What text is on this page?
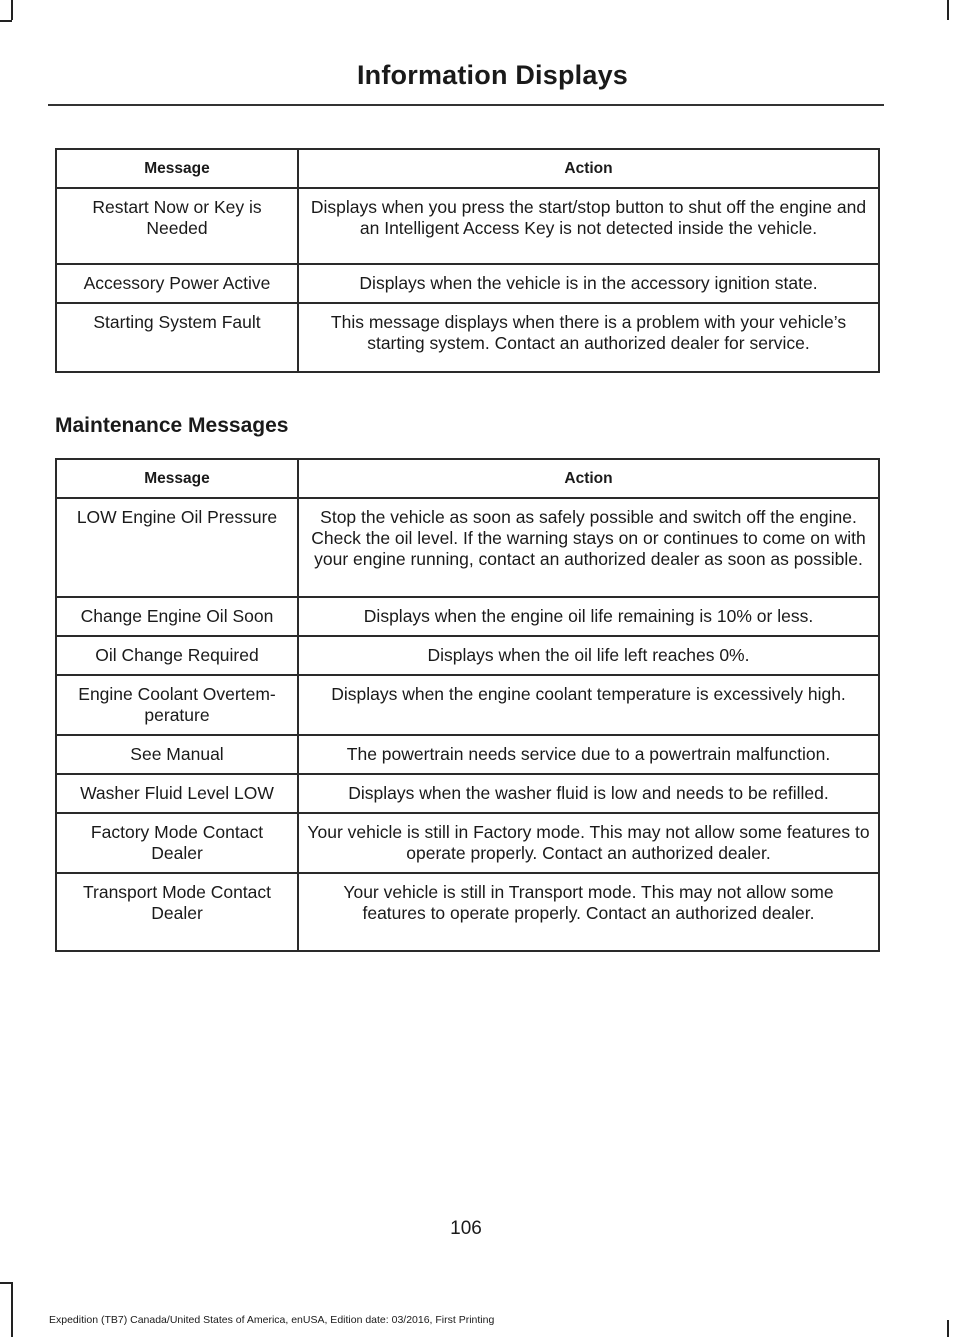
Information Displays
Message	Action
Restart Now or Key is Needed	Displays when you press the start/stop button to shut off the engine and an Intelligent Access Key is not detected inside the vehicle.
Accessory Power Active	Displays when the vehicle is in the accessory ignition state.
Starting System Fault	This message displays when there is a problem with your vehicle’s starting system. Contact an authorized dealer for service.
Maintenance Messages
Message	Action
LOW Engine Oil Pressure	Stop the vehicle as soon as safely possible and switch off the engine. Check the oil level. If the warning stays on or continues to come on with your engine running, contact an authorized dealer as soon as possible.
Change Engine Oil Soon	Displays when the engine oil life remaining is 10% or less.
Oil Change Required	Displays when the oil life left reaches 0%.
Engine Coolant Overtem-perature	Displays when the engine coolant temperature is excessively high.
See Manual	The powertrain needs service due to a powertrain malfunction.
Washer Fluid Level LOW	Displays when the washer fluid is low and needs to be refilled.
Factory Mode Contact Dealer	Your vehicle is still in Factory mode. This may not allow some features to operate properly. Contact an authorized dealer.
Transport Mode Contact Dealer	Your vehicle is still in Transport mode. This may not allow some features to operate properly. Contact an authorized dealer.
106
Expedition (TB7) Canada/United States of America, enUSA, Edition date: 03/2016, First Printing
